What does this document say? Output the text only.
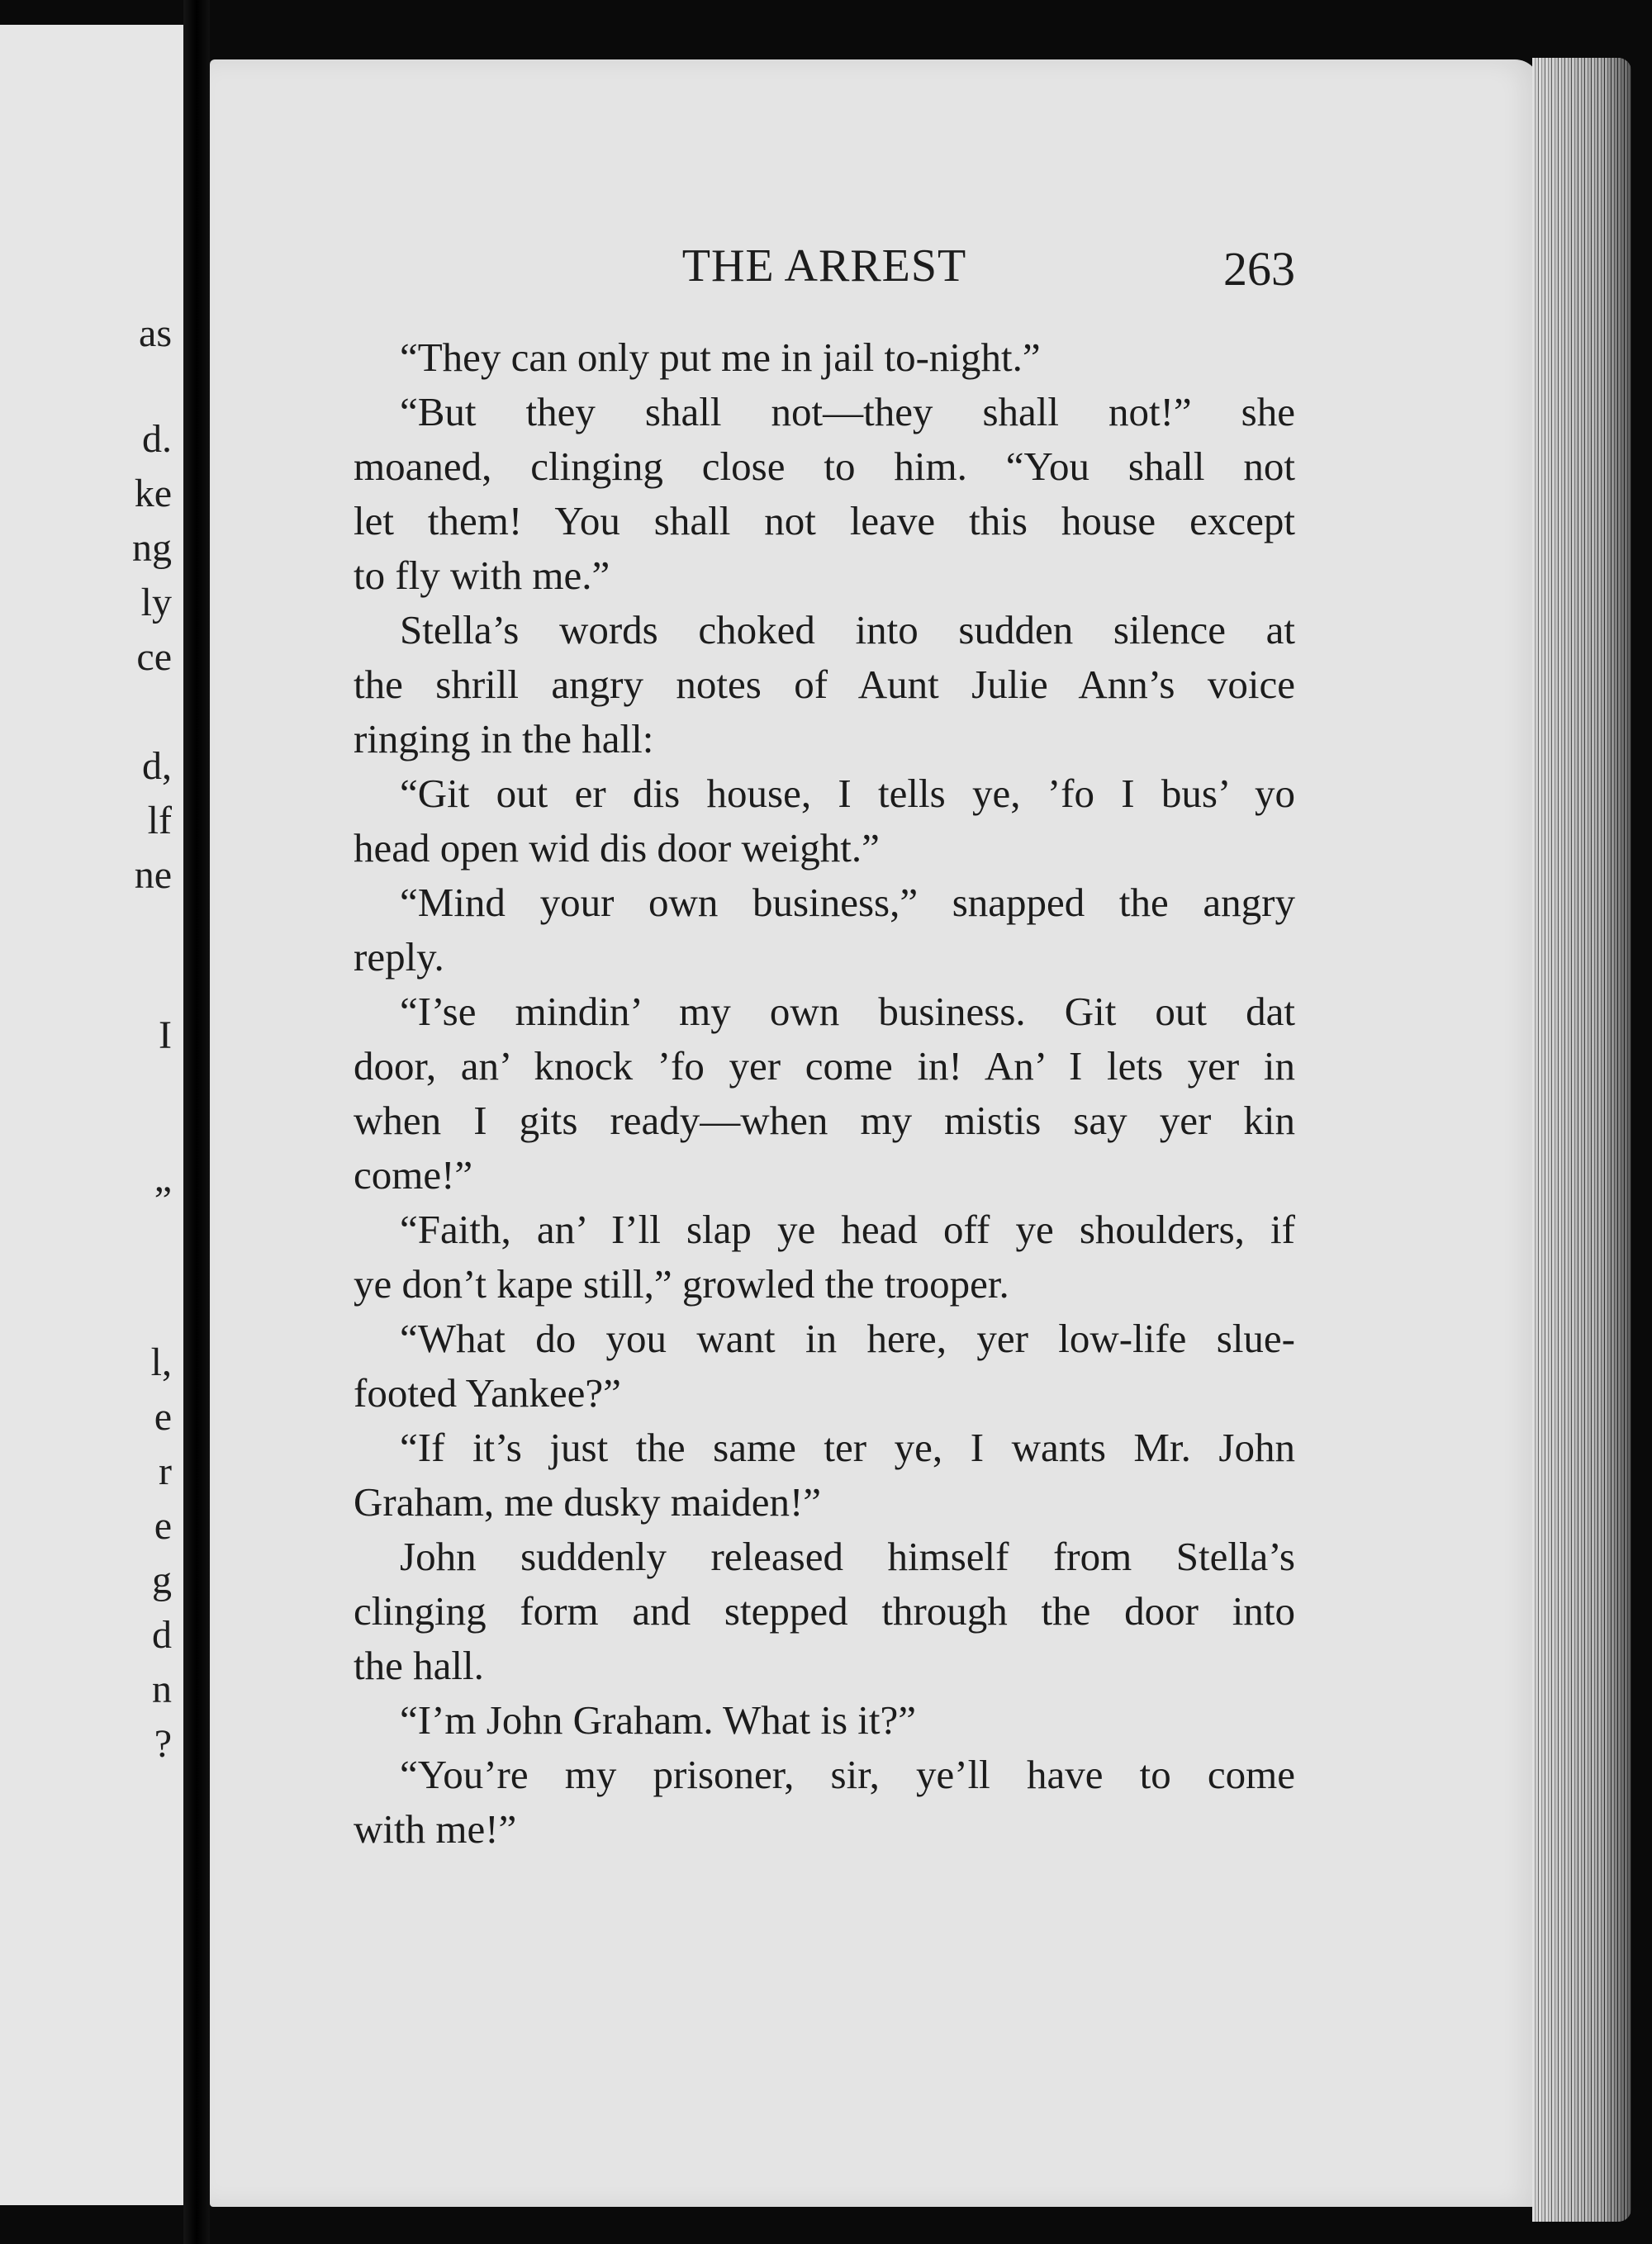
as
d.
ke
ng
ly
ce
d,
lf
ne
I
”
l,
e
r
e
g
d
n
?
THE ARREST	263
“They can only put me in jail to-night.”
“But they shall not—they shall not!” she
moaned, clinging close to him. “You shall not
let them! You shall not leave this house except
to fly with me.”
Stella’s words choked into sudden silence at
the shrill angry notes of Aunt Julie Ann’s voice
ringing in the hall:
“Git out er dis house, I tells ye, ’fo I bus’ yo
head open wid dis door weight.”
“Mind your own business,” snapped the angry
reply.
“I’se mindin’ my own business. Git out dat
door, an’ knock ’fo yer come in! An’ I lets yer in
when I gits ready—when my mistis say yer kin
come!”
“Faith, an’ I’ll slap ye head off ye shoulders, if
ye don’t kape still,” growled the trooper.
“What do you want in here, yer low-life slue-
footed Yankee?”
“If it’s just the same ter ye, I wants Mr. John
Graham, me dusky maiden!”
John suddenly released himself from Stella’s
clinging form and stepped through the door into
the hall.
“I’m John Graham. What is it?”
“You’re my prisoner, sir, ye’ll have to come
with me!”
